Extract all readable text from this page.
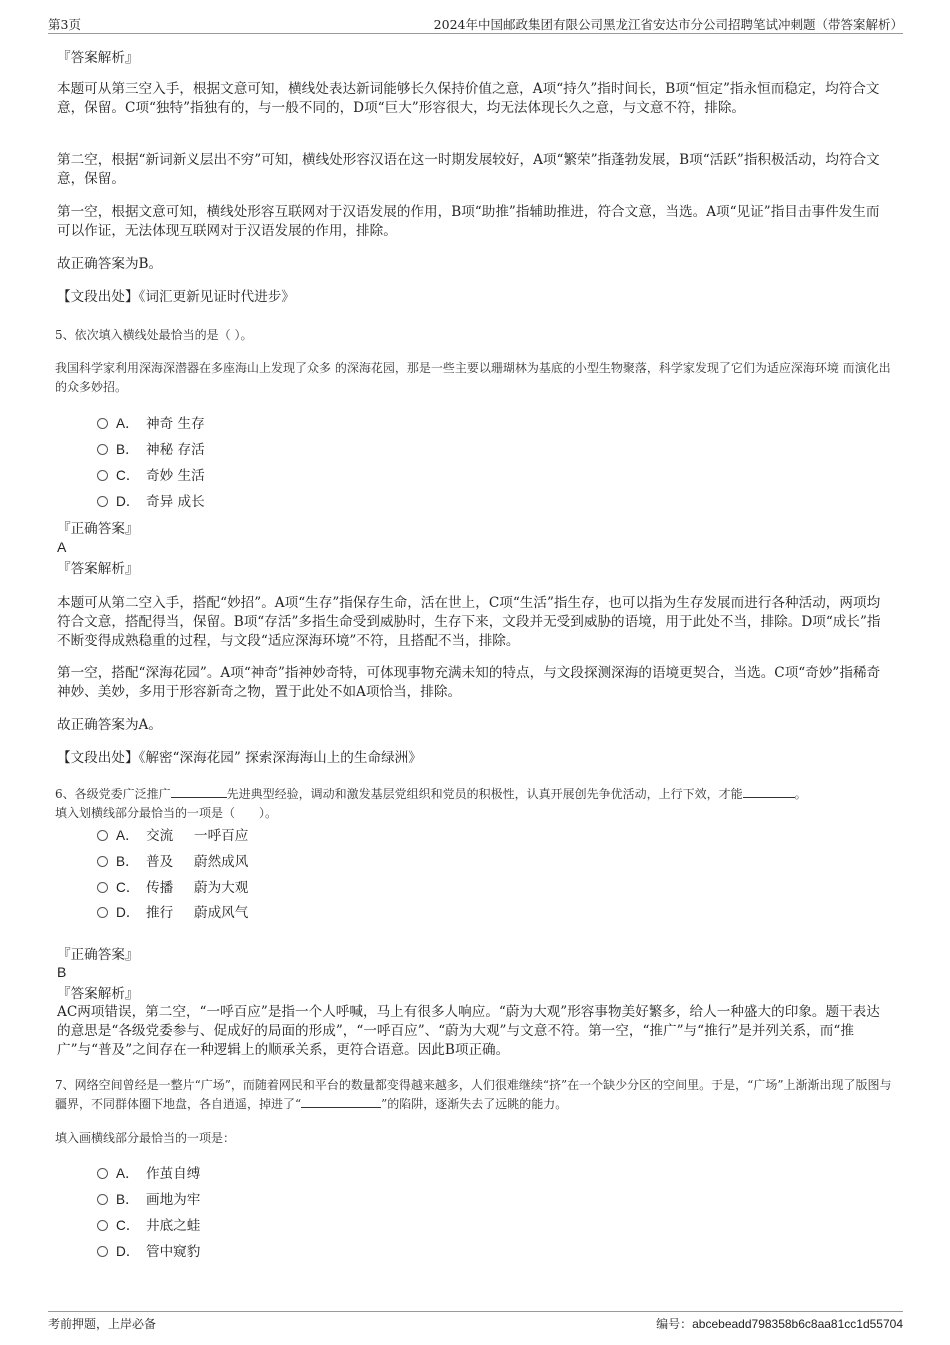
第3页	2024年中国邮政集团有限公司黑龙江省安达市分公司招聘笔试冲刺题（带答案解析）
『答案解析』
本题可从第三空入手，根据文意可知，横线处表达新词能够长久保持价值之意，A项“持久”指时间长，B项“恒定”指永恒而稳定，均符合文意，保留。C项“独特”指独有的，与一般不同的，D项“巨大”形容很大，均无法体现长久之意，与文意不符，排除。
第二空，根据“新词新义层出不穷”可知，横线处形容汉语在这一时期发展较好，A项“繁荣”指蓬勃发展，B项“活跃”指积极活动，均符合文意，保留。
第一空，根据文意可知，横线处形容互联网对于汉语发展的作用，B项“助推”指辅助推进，符合文意，当选。A项“见证”指目击事件发生而可以作证，无法体现互联网对于汉语发展的作用，排除。
故正确答案为B。
【文段出处】《词汇更新见证时代进步》
5、依次填入横线处最恰当的是（ ）。
我国科学家利用深海深潜器在多座海山上发现了众多 的深海花园，那是一些主要以珊瑚林为基底的小型生物聚落，科学家发现了它们为适应深海环境 而演化出的众多妙招。
A． 神奇 生存
B． 神秘 存活
C． 奇妙 生活
D． 奇异 成长
『正确答案』
A
『答案解析』
本题可从第二空入手，搭配“妙招”。A项“生存”指保存生命，活在世上，C项“生活”指生存，也可以指为生存发展而进行各种活动，两项均符合文意，搭配得当，保留。B项“存活”多指生命受到威胁时，生存下来，文段并无受到威胁的语境，用于此处不当，排除。D项“成长”指不断变得成熟稳重的过程，与文段“适应深海环境”不符，且搭配不当，排除。
第一空，搭配“深海花园”。A项“神奇”指神妙奇特，可体现事物充满未知的特点，与文段探测深海的语境更契合，当选。C项“奇妙”指稀奇神妙、美妙，多用于形容新奇之物，置于此处不如A项恰当，排除。
故正确答案为A。
【文段出处】《解密“深海花园” 探索深海海山上的生命绿洲》
6、各级党委广泛推广	先进典型经验，调动和激发基层党组织和党员的积极性，认真开展创先争优活动，上行下效，才能	。
填入划横线部分最恰当的一项是（　　）。
A． 交流 一呼百应
B． 普及 蔚然成风
C． 传播 蔚为大观
D． 推行 蔚成风气
『正确答案』
B
『答案解析』
AC两项错误，第二空，“一呼百应”是指一个人呼喊，马上有很多人响应。“蔚为大观”形容事物美好繁多，给人一种盛大的印象。题干表达的意思是“各级党委参与、促成好的局面的形成”，“一呼百应”、“蔚为大观”与文意不符。第一空，“推广”与“推行”是并列关系，而“推广”与“普及”之间存在一种逻辑上的顺承关系，更符合语意。因此B项正确。
7、网络空间曾经是一整片“广场”，而随着网民和平台的数量都变得越来越多，人们很难继续“挤”在一个缺少分区的空间里。于是，“广场”上渐渐出现了版图与疆界，不同群体圈下地盘，各自逍遥，掉进了“	”的陷阱，逐渐失去了远眺的能力。
填入画横线部分最恰当的一项是：
A． 作茧自缚
B． 画地为牢
C． 井底之蛙
D． 管中窥豹
考前押题，上岸必备	编号：abcebeadd798358b6c8aa81cc1d55704
